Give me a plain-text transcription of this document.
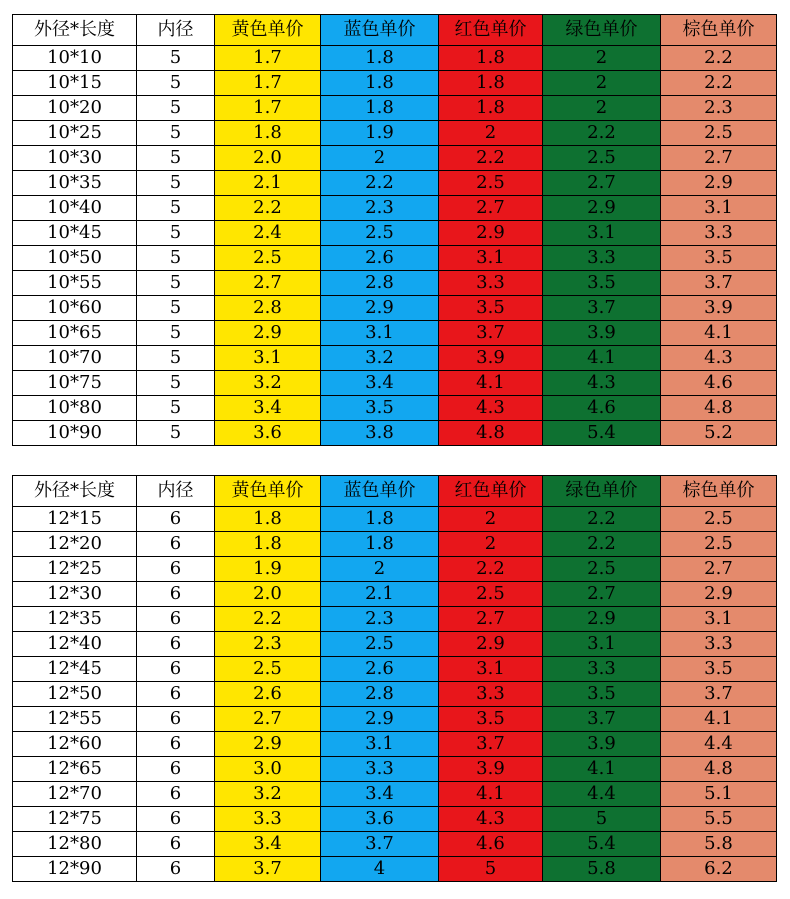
外径*长度	内径	黄色单价	蓝色单价	红色单价	绿色单价	棕色单价
10*10	5	1.7	1.8	1.8	2	2.2
10*15	5	1.7	1.8	1.8	2	2.2
10*20	5	1.7	1.8	1.8	2	2.3
10*25	5	1.8	1.9	2	2.2	2.5
10*30	5	2.0	2	2.2	2.5	2.7
10*35	5	2.1	2.2	2.5	2.7	2.9
10*40	5	2.2	2.3	2.7	2.9	3.1
10*45	5	2.4	2.5	2.9	3.1	3.3
10*50	5	2.5	2.6	3.1	3.3	3.5
10*55	5	2.7	2.8	3.3	3.5	3.7
10*60	5	2.8	2.9	3.5	3.7	3.9
10*65	5	2.9	3.1	3.7	3.9	4.1
10*70	5	3.1	3.2	3.9	4.1	4.3
10*75	5	3.2	3.4	4.1	4.3	4.6
10*80	5	3.4	3.5	4.3	4.6	4.8
10*90	5	3.6	3.8	4.8	5.4	5.2
外径*长度	内径	黄色单价	蓝色单价	红色单价	绿色单价	棕色单价
12*15	6	1.8	1.8	2	2.2	2.5
12*20	6	1.8	1.8	2	2.2	2.5
12*25	6	1.9	2	2.2	2.5	2.7
12*30	6	2.0	2.1	2.5	2.7	2.9
12*35	6	2.2	2.3	2.7	2.9	3.1
12*40	6	2.3	2.5	2.9	3.1	3.3
12*45	6	2.5	2.6	3.1	3.3	3.5
12*50	6	2.6	2.8	3.3	3.5	3.7
12*55	6	2.7	2.9	3.5	3.7	4.1
12*60	6	2.9	3.1	3.7	3.9	4.4
12*65	6	3.0	3.3	3.9	4.1	4.8
12*70	6	3.2	3.4	4.1	4.4	5.1
12*75	6	3.3	3.6	4.3	5	5.5
12*80	6	3.4	3.7	4.6	5.4	5.8
12*90	6	3.7	4	5	5.8	6.2
